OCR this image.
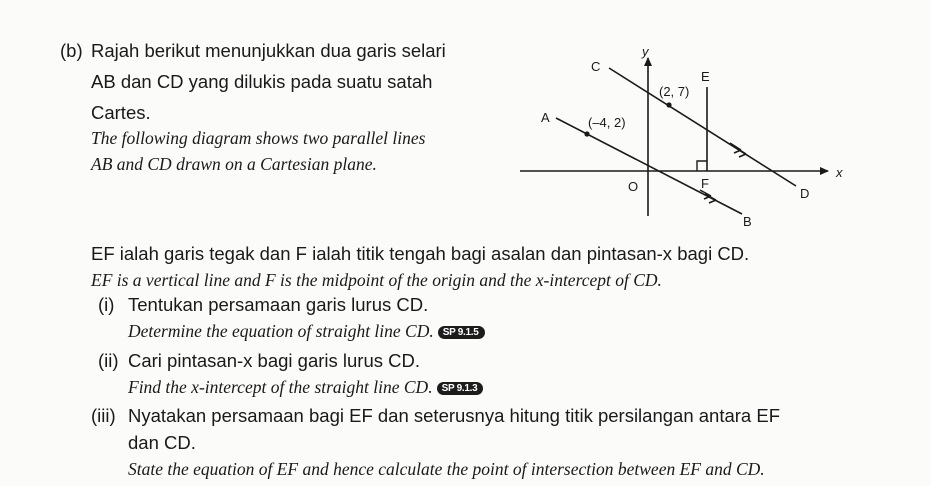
(b) Rajah berikut menunjukkan dua garis selari
AB dan CD yang dilukis pada suatu satah
Cartes.
The following diagram shows two parallel lines
AB and CD drawn on a Cartesian plane.
y
x
O
C
A
B
D
E
F
(–4, 2)
(2, 7)
EF ialah garis tegak dan F ialah titik tengah bagi asalan dan pintasan-x bagi CD.
EF is a vertical line and F is the midpoint of the origin and the x-intercept of CD.
(i) Tentukan persamaan garis lurus CD.
Determine the equation of straight line CD. SP 9.1.5
(ii) Cari pintasan-x bagi garis lurus CD.
Find the x-intercept of the straight line CD. SP 9.1.3
(iii) Nyatakan persamaan bagi EF dan seterusnya hitung titik persilangan antara EF
dan CD.
State the equation of EF and hence calculate the point of intersection between EF and CD.
